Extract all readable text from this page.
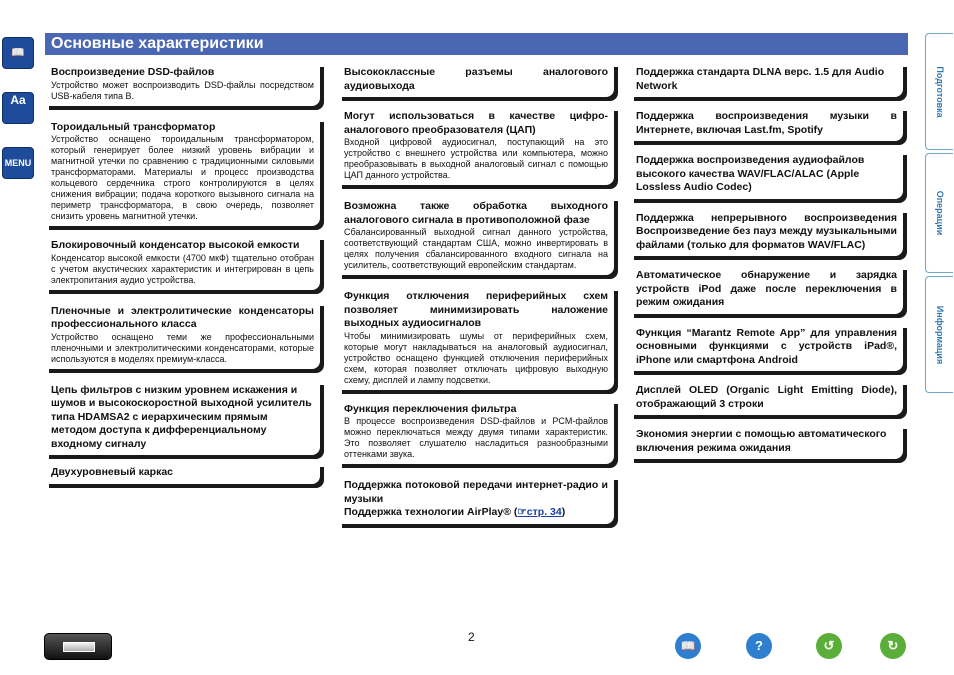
Основные характеристики
📖
Aa
MENU
Подготовка
Операции
Информация
Воспроизведение DSD-файлов

Устройство может воспроизводить DSD-файлы посредством USB-кабеля типа B.

Тороидальный трансформатор

Устройство оснащено тороидальным трансформатором, который генерирует более низкий уровень вибрации и магнитной утечки по сравнению с традиционными силовыми трансформаторами. Материалы и процесс производства кольцевого сердечника строго контролируются в целях снижения вибрации; подача короткого вызывного сигнала на периметр трансформатора, в свою очередь, позволяет снизить уровень магнитной утечки.

Блокировочный конденсатор высокой емкости

Конденсатор высокой емкости (4700 мкФ) тщательно отобран с учетом акустических характеристик и интегрирован в цепь электропитания аудио устройства.

Пленочные и электролитические конденсаторы профессионального класса

Устройство оснащено теми же профессиональными пленочными и электролитическими конденсаторами, которые используются в моделях премиум-класса.

Цепь фильтров с низким уровнем искажения и шумов и высокоскоростной выходной усилитель типа HDAMSA2 с иерархическим прямым методом доступа к дифференциальному входному сигналу
Двухуровневый каркас
Высококлассные разъемы аналогового аудиовыхода
Могут использоваться в качестве цифро-аналогового преобразователя (ЦАП)

Входной цифровой аудиосигнал, поступающий на это устройство с внешнего устройства или компьютера, можно преобразовывать в выходной аналоговый сигнал с помощью ЦАП данного устройства.

Возможна также обработка выходного аналогового сигнала в противоположной фазе

Сбалансированный выходной сигнал данного устройства, соответствующий стандартам США, можно инвертировать в целях получения сбалансированного входного сигнала на усилитель, соответствующий европейским стандартам.

Функция отключения периферийных схем позволяет минимизировать наложение выходных аудиосигналов

Чтобы минимизировать шумы от периферийных схем, которые могут накладываться на аналоговый аудиосигнал, устройство оснащено функцией отключения периферийных схем, которая позволяет отключать цифровую выходную схему, дисплей и лампу подсветки.

Функция переключения фильтра

В процессе воспроизведения DSD-файлов и PCM-файлов можно переключаться между двумя типами характеристик. Это позволяет слушателю насладиться разнообразными оттенками звука.

Поддержка потоковой передачи интернет-радио и музыки
Поддержка технологии AirPlay® (☞стр. 34)
Поддержка стандарта DLNA верс. 1.5 для Audio Network
Поддержка воспроизведения музыки в Интернете, включая Last.fm, Spotify
Поддержка воспроизведения аудиофайлов высокого качества WAV/FLAC/ALAC (Apple Lossless Audio Codec)
Поддержка непрерывного воспроизведения Воспроизведение без пауз между музыкальными файлами (только для форматов WAV/FLAC)
Автоматическое обнаружение и зарядка устройств iPod даже после переключения в режим ожидания
Функция “Marantz Remote App” для управления основными функциями с устройств iPad®, iPhone или смартфона Android
Дисплей OLED (Organic Light Emitting Diode), отображающий 3 строки
Экономия энергии с помощью автоматического включения режима ожидания
2
📖	?	↺	↻
